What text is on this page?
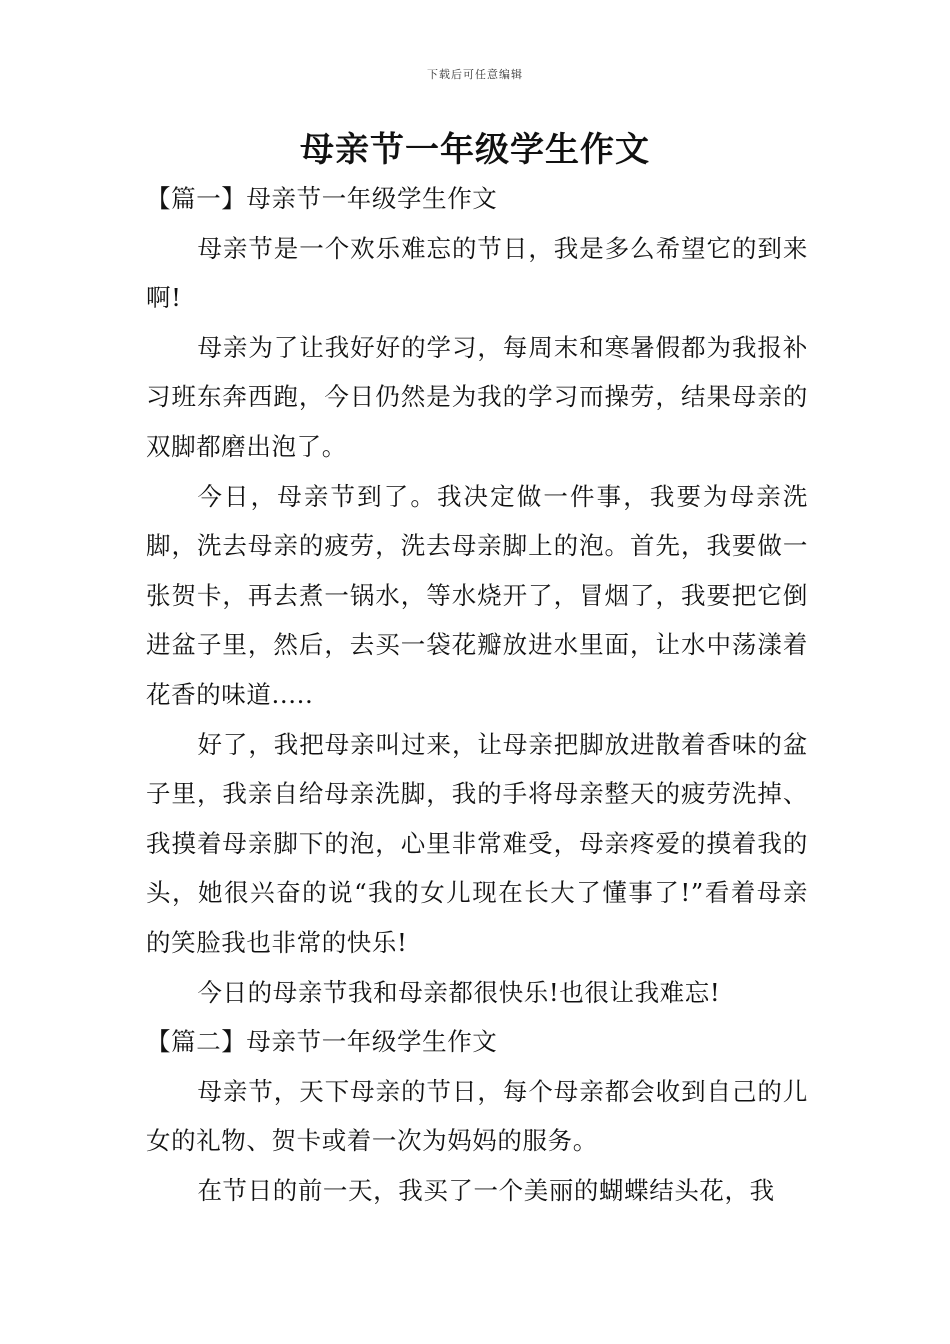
下载后可任意编辑
母亲节一年级学生作文

【篇一】母亲节一年级学生作文

母亲节是一个欢乐难忘的节日，我是多么希望它的到来啊!

母亲为了让我好好的学习，每周末和寒暑假都为我报补习班东奔西跑，今日仍然是为我的学习而操劳，结果母亲的双脚都磨出泡了。

今日，母亲节到了。我决定做一件事，我要为母亲洗脚，洗去母亲的疲劳，洗去母亲脚上的泡。首先，我要做一张贺卡，再去煮一锅水，等水烧开了，冒烟了，我要把它倒进盆子里，然后，去买一袋花瓣放进水里面，让水中荡漾着花香的味道.....

好了，我把母亲叫过来，让母亲把脚放进散着香味的盆子里，我亲自给母亲洗脚，我的手将母亲整天的疲劳洗掉、我摸着母亲脚下的泡，心里非常难受，母亲疼爱的摸着我的头，她很兴奋的说“我的女儿现在长大了懂事了!”看着母亲的笑脸我也非常的快乐!

今日的母亲节我和母亲都很快乐!也很让我难忘!

【篇二】母亲节一年级学生作文

母亲节，天下母亲的节日，每个母亲都会收到自己的儿女的礼物、贺卡或着一次为妈妈的服务。

在节日的前一天，我买了一个美丽的蝴蝶结头花，我
